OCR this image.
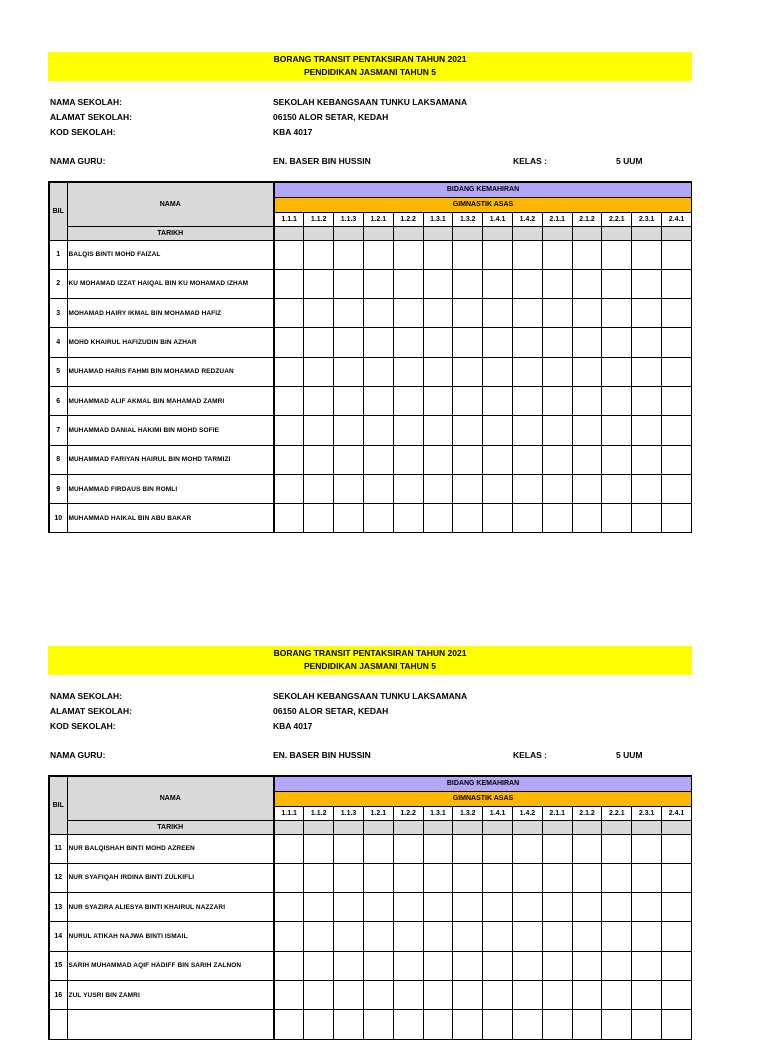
BORANG TRANSIT PENTAKSIRAN TAHUN 2021
PENDIDIKAN JASMANI TAHUN 5
NAMA SEKOLAH:	SEKOLAH KEBANGSAAN TUNKU LAKSAMANA
ALAMAT SEKOLAH:	06150 ALOR SETAR, KEDAH
KOD SEKOLAH:	KBA 4017
NAMA GURU:	EN. BASER BIN HUSSIN	KELAS :	5 UUM
BIL	NAMA	BIDANG KEMAHIRAN													
		GIMNASTIK ASAS													
		1.1.1	1.1.2	1.1.3	1.2.1	1.2.2	1.3.1	1.3.2	1.4.1	1.4.2	2.1.1	2.1.2	2.2.1	2.3.1	2.4.1
	TARIKH														
1	BALQIS BINTI MOHD FAIZAL														
2	KU MOHAMAD IZZAT HAIQAL BIN KU MOHAMAD IZHAM														
3	MOHAMAD HAIRY IKMAL BIN MOHAMAD HAFIZ														
4	MOHD KHAIRUL HAFIZUDIN BIN AZHAR														
5	MUHAMAD HARIS FAHMI BIN MOHAMAD REDZUAN														
6	MUHAMMAD ALIF AKMAL BIN MAHAMAD ZAMRI														
7	MUHAMMAD DANIAL HAKIMI BIN MOHD SOFIE														
8	MUHAMMAD FARIYAN HAIRUL BIN MOHD TARMIZI														
9	MUHAMMAD FIRDAUS BIN ROMLI														
10	MUHAMMAD HAIKAL BIN ABU BAKAR														
BORANG TRANSIT PENTAKSIRAN TAHUN 2021
PENDIDIKAN JASMANI TAHUN 5
NAMA SEKOLAH:	SEKOLAH KEBANGSAAN TUNKU LAKSAMANA
ALAMAT SEKOLAH:	06150 ALOR SETAR, KEDAH
KOD SEKOLAH:	KBA 4017
NAMA GURU:	EN. BASER BIN HUSSIN	KELAS :	5 UUM
BIL	NAMA	BIDANG KEMAHIRAN													
		GIMNASTIK ASAS													
		1.1.1	1.1.2	1.1.3	1.2.1	1.2.2	1.3.1	1.3.2	1.4.1	1.4.2	2.1.1	2.1.2	2.2.1	2.3.1	2.4.1
	TARIKH														
11	NUR BALQISHAH BINTI MOHD AZREEN														
12	NUR SYAFIQAH IRDINA BINTI ZULKIFLI														
13	NUR SYAZIRA ALIESYA BINTI KHAIRUL NAZZARI														
14	NURUL ATIKAH NAJWA BINTI ISMAIL														
15	SARIH MUHAMMAD AQIF HADIFF BIN SARIH ZALNON														
16	ZUL YUSRI BIN ZAMRI														
